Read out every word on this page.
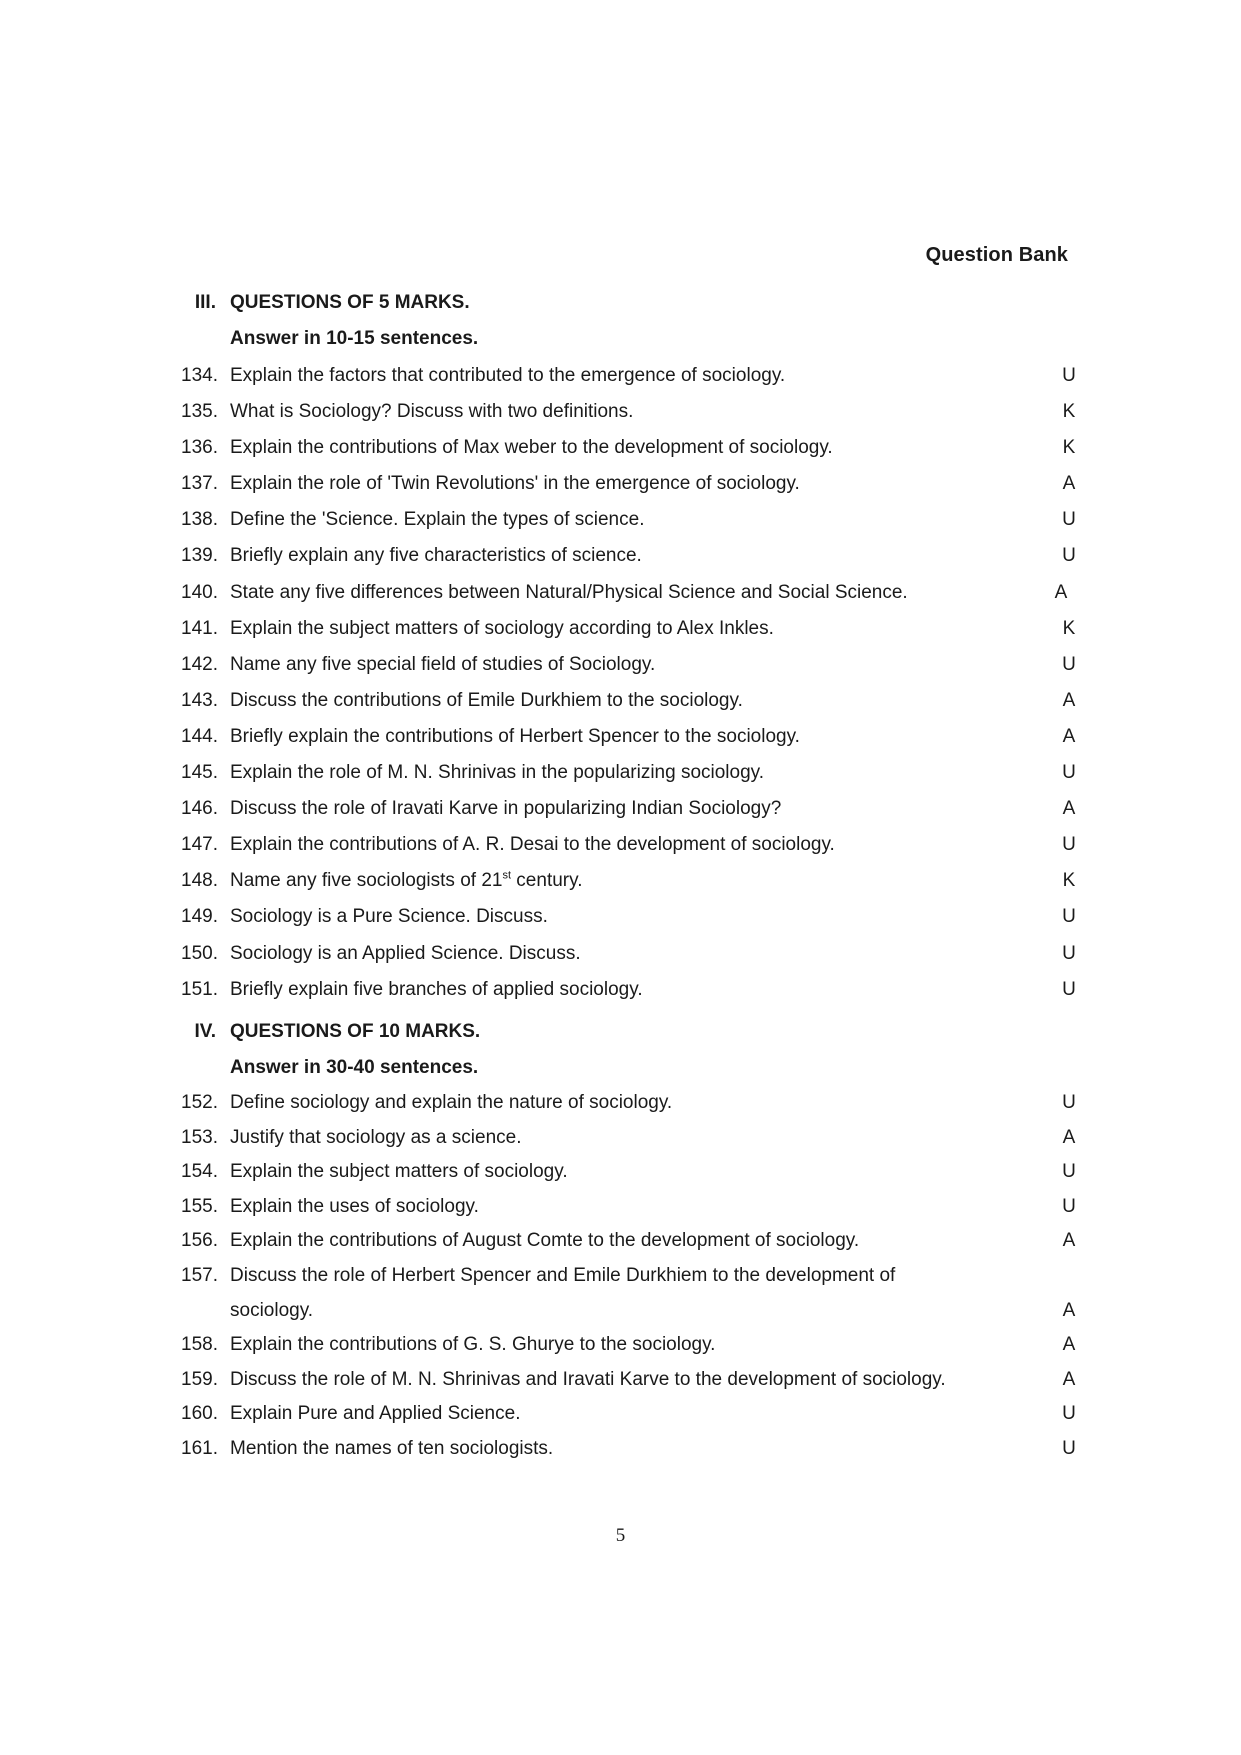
Question Bank
III. QUESTIONS OF 5 MARKS.
Answer in 10-15 sentences.
134. Explain the factors that contributed to the emergence of sociology.	U
135. What is Sociology? Discuss with two definitions.	K
136. Explain the contributions of Max weber to the development of sociology.	K
137. Explain the role of 'Twin Revolutions' in the emergence of sociology.	A
138. Define the 'Science. Explain the types of science.	U
139. Briefly explain any five characteristics of science.	U
140. State any five differences between Natural/Physical Science and Social Science.	A
141. Explain the subject matters of sociology according to Alex Inkles.	K
142. Name any five special field of studies of Sociology.	U
143. Discuss the contributions of Emile Durkhiem to the sociology.	A
144. Briefly explain the contributions of Herbert Spencer to the sociology.	A
145. Explain the role of M. N. Shrinivas in the popularizing sociology.	U
146. Discuss the role of Iravati Karve in popularizing Indian Sociology?	A
147. Explain the contributions of A. R. Desai to the development of sociology.	U
148. Name any five sociologists of 21st century.	K
149. Sociology is a Pure Science. Discuss.	U
150. Sociology is an Applied Science. Discuss.	U
151. Briefly explain five branches of applied sociology.	U
IV. QUESTIONS OF 10 MARKS.
Answer in 30-40 sentences.
152. Define sociology and explain the nature of sociology.	U
153. Justify that sociology as a science.	A
154. Explain the subject matters of sociology.	U
155. Explain the uses of sociology.	U
156. Explain the contributions of August Comte to the development of sociology.	A
157. Discuss the role of Herbert Spencer and Emile Durkhiem to the development of
sociology.	A
158. Explain the contributions of G. S. Ghurye to the sociology.	A
159. Discuss the role of M. N. Shrinivas and Iravati Karve to the development of sociology.	A
160. Explain Pure and Applied Science.	U
161. Mention the names of ten sociologists.	U
5
